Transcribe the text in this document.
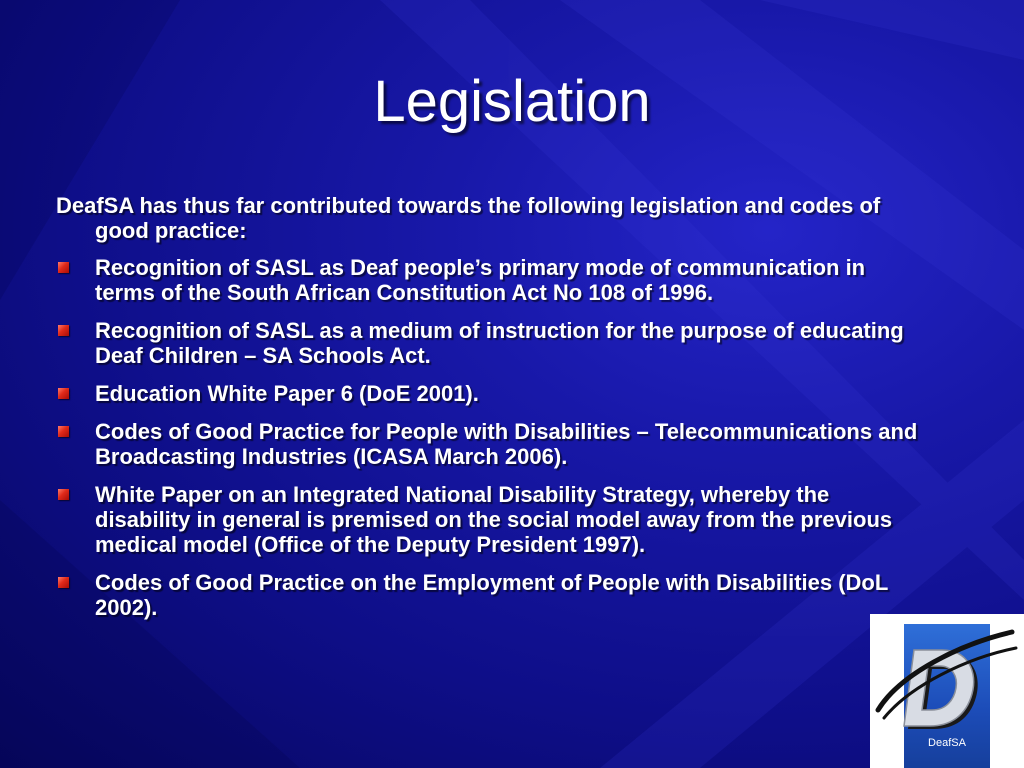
Legislation

DeafSA has thus far contributed towards the following legislation and codes of good practice:

Recognition of SASL as Deaf people’s primary mode of communication in terms of the South African Constitution Act No 108 of 1996.
Recognition of SASL as a medium of instruction for the purpose of educating Deaf Children – SA Schools Act.
Education White Paper 6 (DoE 2001).
Codes of Good Practice for People with Disabilities – Telecommunications and Broadcasting Industries (ICASA March 2006).
White Paper on an Integrated National Disability Strategy, whereby the disability in general is premised on the social model away from the previous
medical model (Office of the Deputy President 1997).
Codes of Good Practice on the Employment of People with Disabilities (DoL 2002).
DeafSA
